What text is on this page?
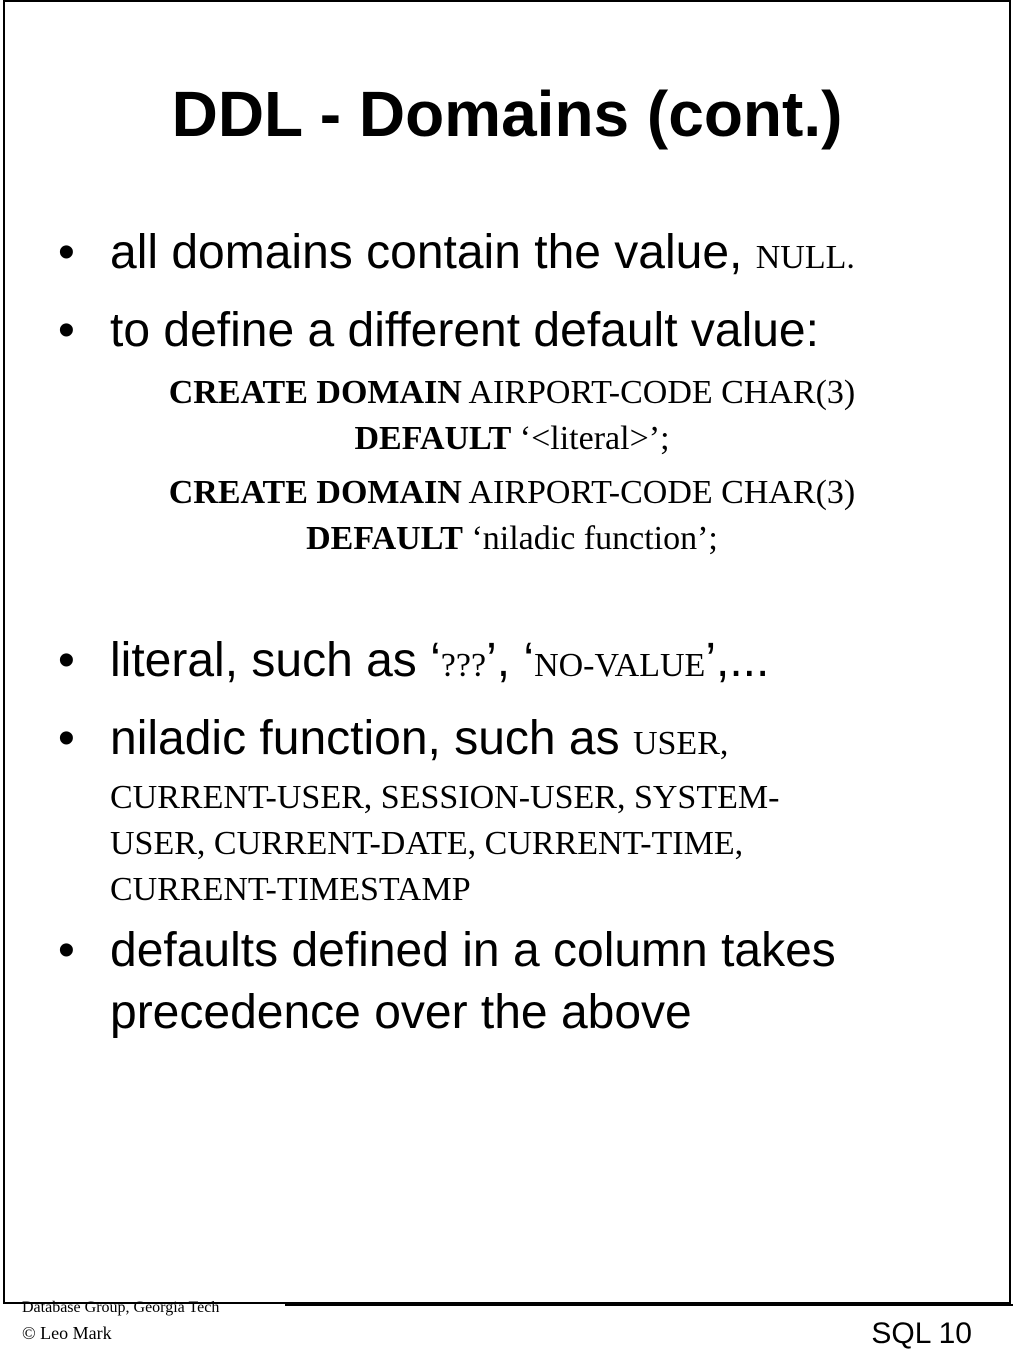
DDL - Domains (cont.)
• all domains contain the value, NULL.
• to define a different default value:
CREATE DOMAIN AIRPORT-CODE CHAR(3)
DEFAULT ‘<literal>’;
CREATE DOMAIN AIRPORT-CODE CHAR(3)
DEFAULT ‘niladic function’;
• literal, such as ‘???’, ‘NO-VALUE’,...
• niladic function, such as USER,
CURRENT-USER, SESSION-USER, SYSTEM-
USER, CURRENT-DATE, CURRENT-TIME,
CURRENT-TIMESTAMP
• defaults defined in a column takes
precedence over the above
Database Group, Georgia Tech
© Leo Mark	SQL 10
